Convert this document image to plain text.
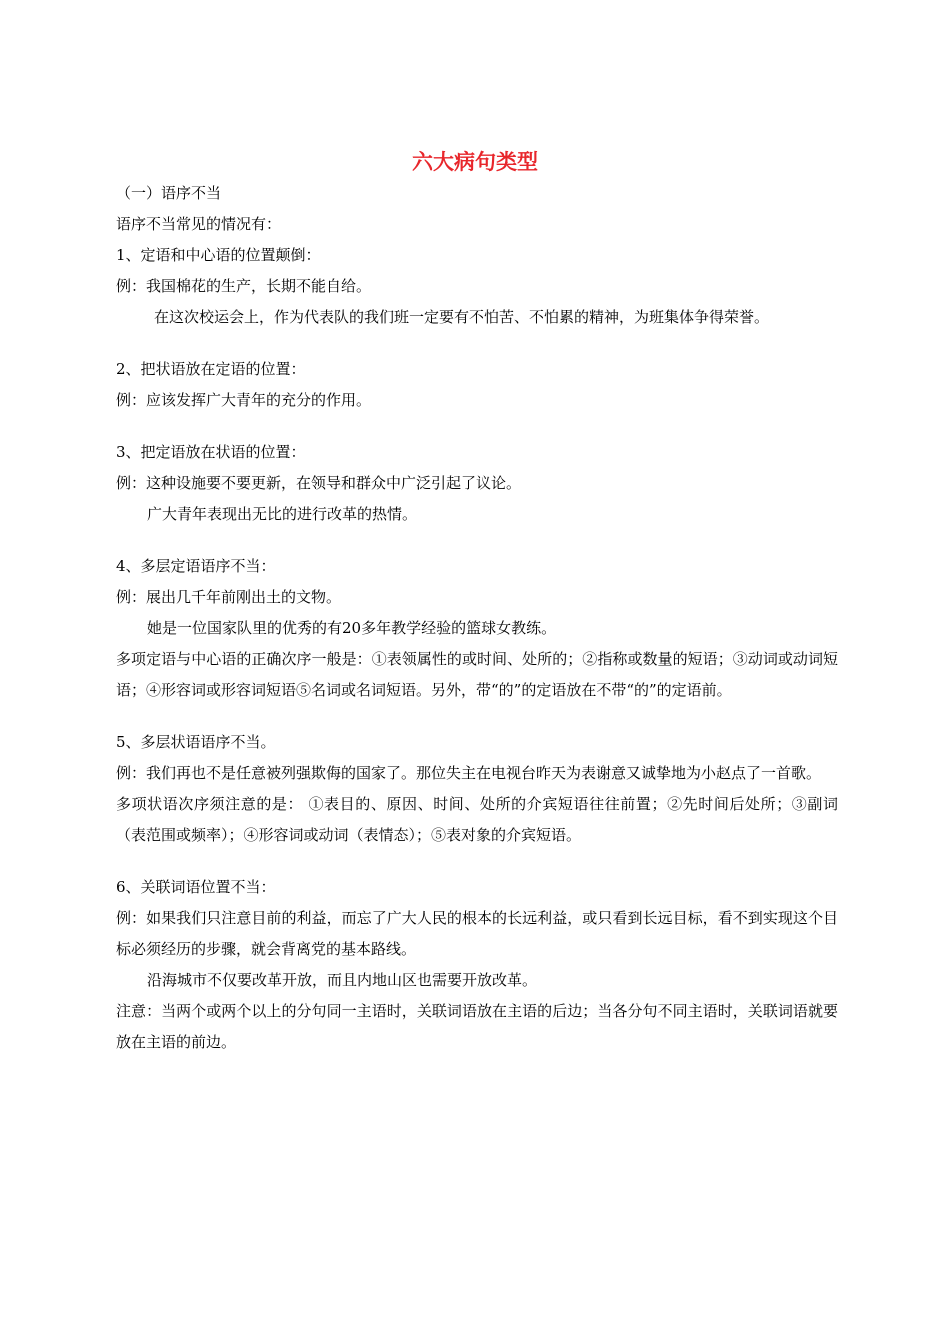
六大病句类型

（一）语序不当

语序不当常见的情况有：

1、定语和中心语的位置颠倒：

例：我国棉花的生产，长期不能自给。

在这次校运会上，作为代表队的我们班一定要有不怕苦、不怕累的精神，为班集体争得荣誉。

2、把状语放在定语的位置：

例：应该发挥广大青年的充分的作用。

3、把定语放在状语的位置：

例：这种设施要不要更新，在领导和群众中广泛引起了议论。

广大青年表现出无比的进行改革的热情。

4、多层定语语序不当：

例：展出几千年前刚出土的文物。

她是一位国家队里的优秀的有20多年教学经验的篮球女教练。

多项定语与中心语的正确次序一般是：①表领属性的或时间、处所的；②指称或数量的短语；③动词或动词短语；④形容词或形容词短语⑤名词或名词短语。另外，带“的”的定语放在不带“的”的定语前。

5、多层状语语序不当。

例：我们再也不是任意被列强欺侮的国家了。那位失主在电视台昨天为表谢意又诚挚地为小赵点了一首歌。

多项状语次序须注意的是： ①表目的、原因、时间、处所的介宾短语往往前置；②先时间后处所；③副词（表范围或频率）；④形容词或动词（表情态）；⑤表对象的介宾短语。

6、关联词语位置不当：

例：如果我们只注意目前的利益，而忘了广大人民的根本的长远利益，或只看到长远目标，看不到实现这个目标必须经历的步骤，就会背离党的基本路线。

沿海城市不仅要改革开放，而且内地山区也需要开放改革。

注意：当两个或两个以上的分句同一主语时，关联词语放在主语的后边；当各分句不同主语时，关联词语就要放在主语的前边。
